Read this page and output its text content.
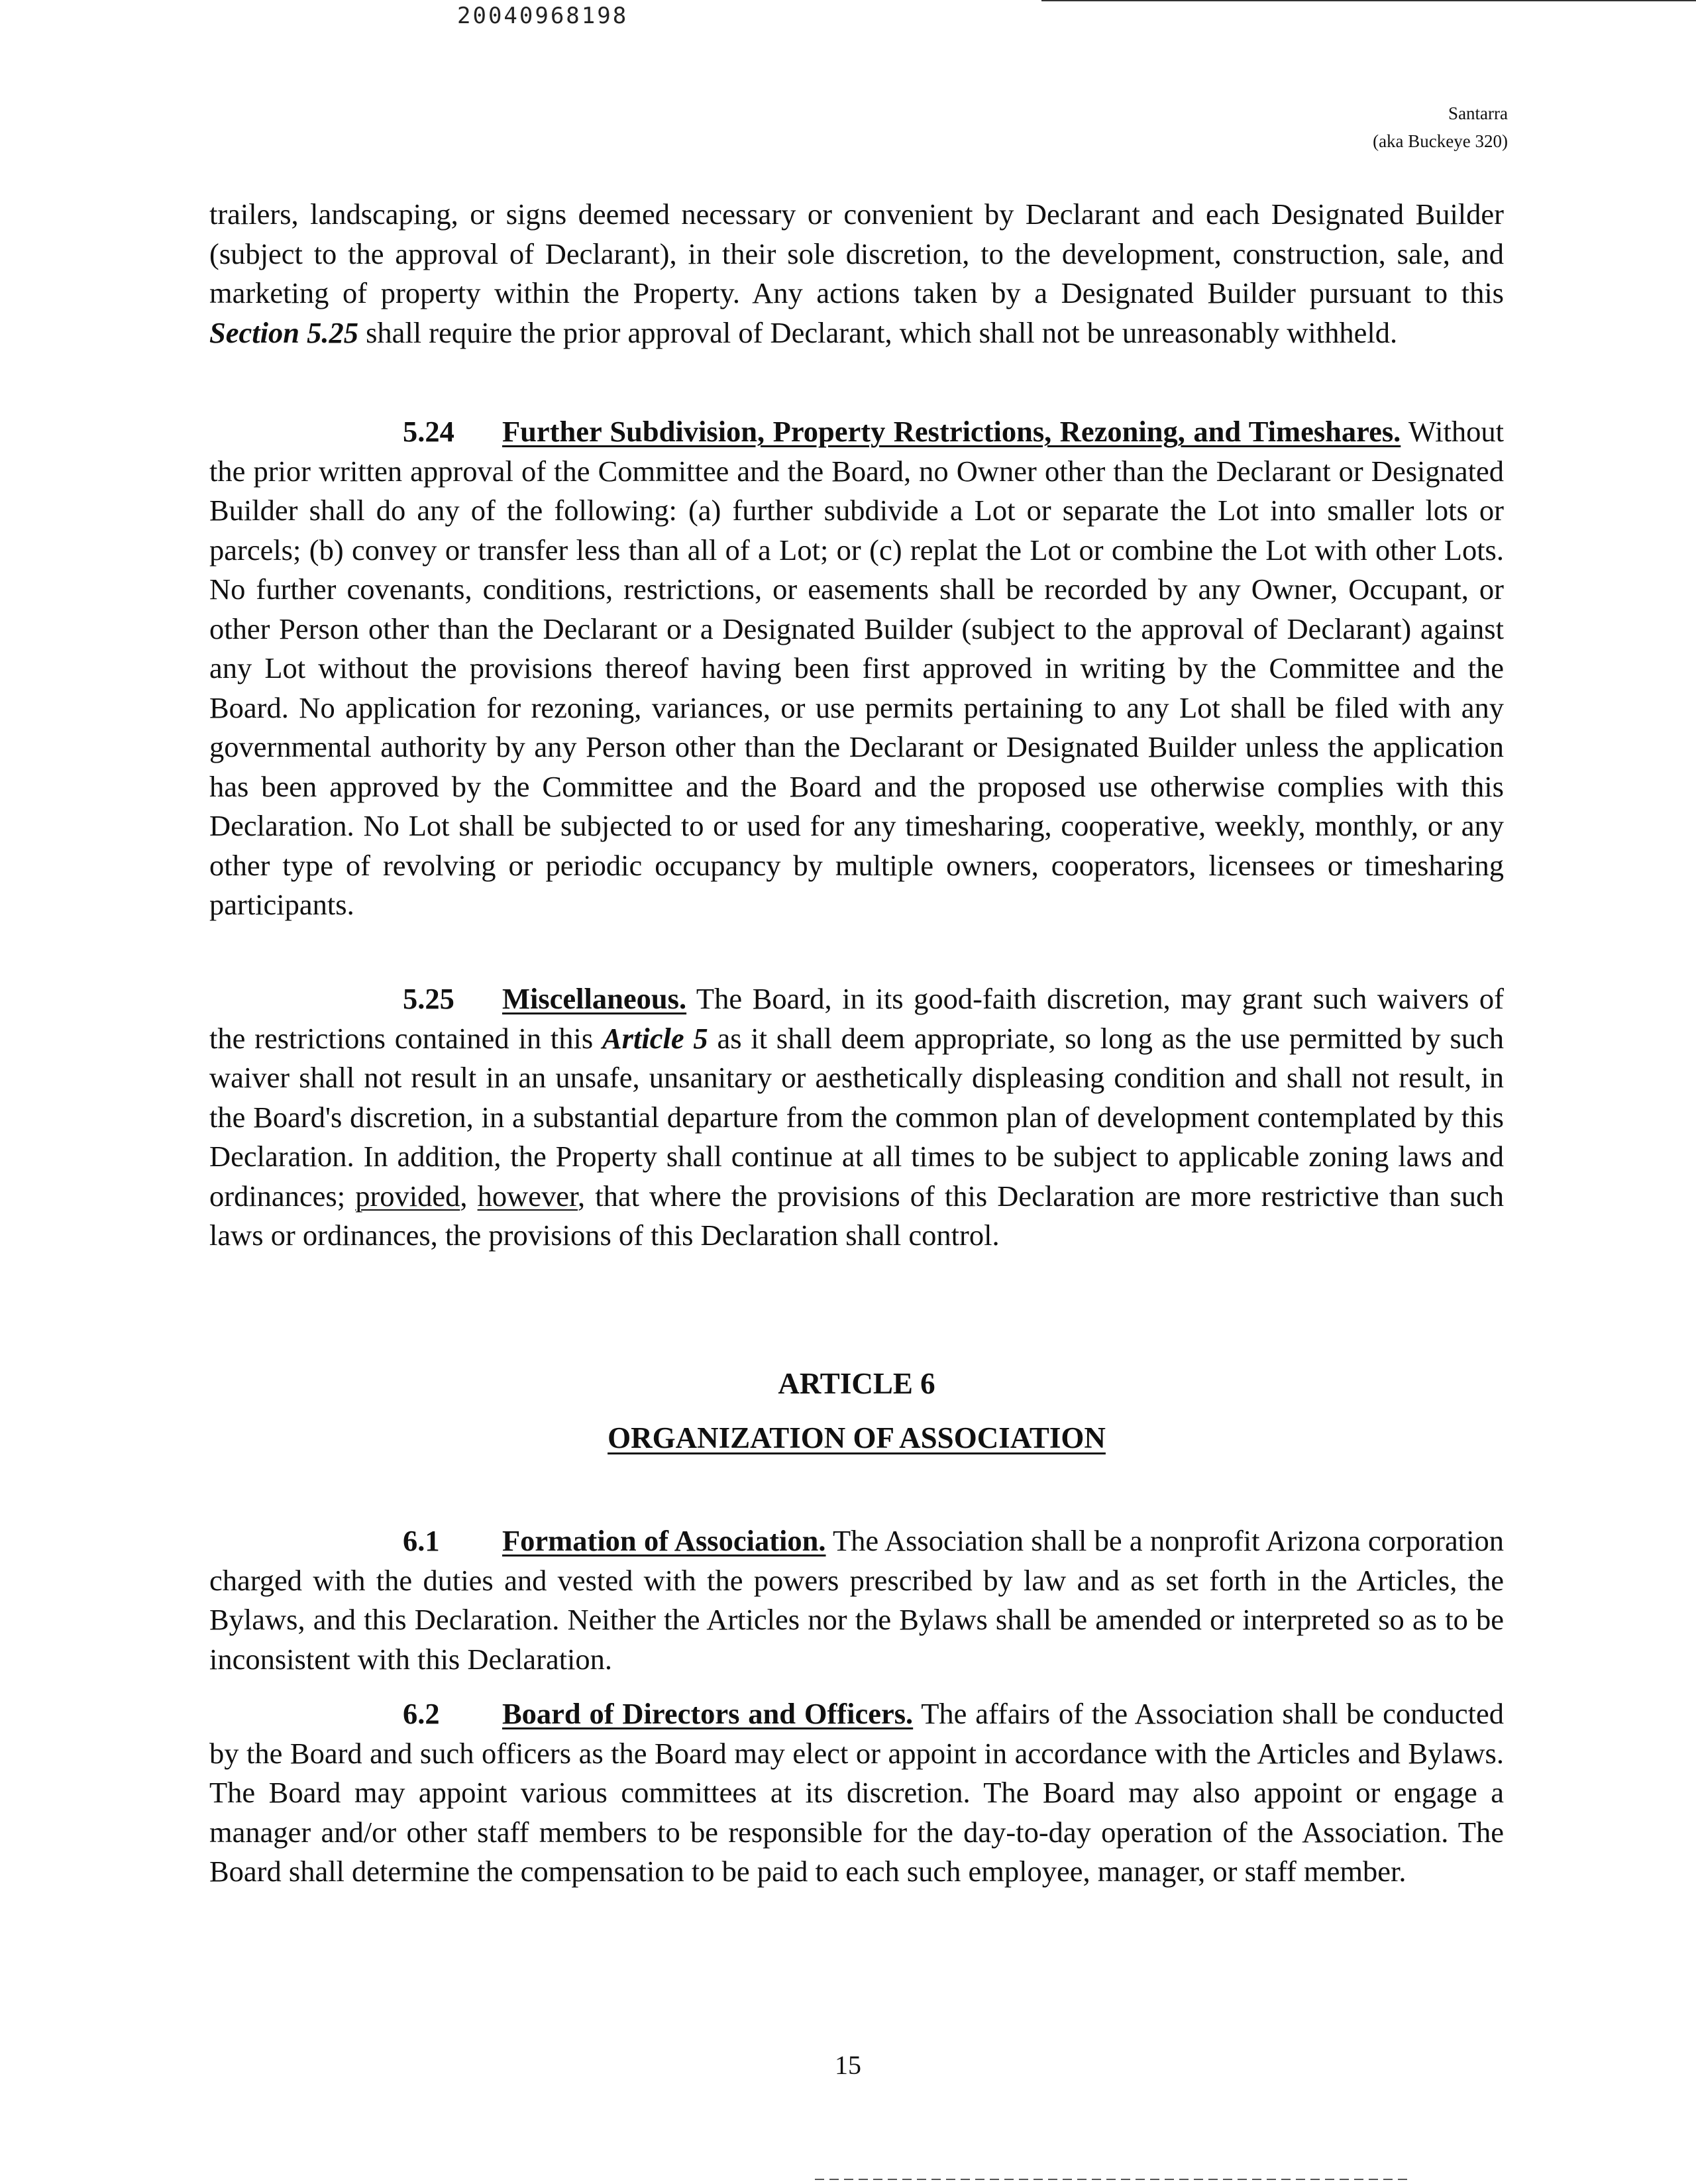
20040968198
Santarra
(aka Buckeye 320)

trailers, landscaping, or signs deemed necessary or convenient by Declarant and each Designated Builder (subject to the approval of Declarant), in their sole discretion, to the development, construction, sale, and marketing of property within the Property. Any actions taken by a Designated Builder pursuant to this Section 5.25 shall require the prior approval of Declarant, which shall not be unreasonably withheld.

5.24 Further Subdivision, Property Restrictions, Rezoning, and Timeshares. Without the prior written approval of the Committee and the Board, no Owner other than the Declarant or Designated Builder shall do any of the following: (a) further subdivide a Lot or separate the Lot into smaller lots or parcels; (b) convey or transfer less than all of a Lot; or (c) replat the Lot or combine the Lot with other Lots. No further covenants, conditions, restrictions, or easements shall be recorded by any Owner, Occupant, or other Person other than the Declarant or a Designated Builder (subject to the approval of Declarant) against any Lot without the provisions thereof having been first approved in writing by the Committee and the Board. No application for rezoning, variances, or use permits pertaining to any Lot shall be filed with any governmental authority by any Person other than the Declarant or Designated Builder unless the application has been approved by the Committee and the Board and the proposed use otherwise complies with this Declaration. No Lot shall be subjected to or used for any timesharing, cooperative, weekly, monthly, or any other type of revolving or periodic occupancy by multiple owners, cooperators, licensees or timesharing participants.

5.25 Miscellaneous. The Board, in its good-faith discretion, may grant such waivers of the restrictions contained in this Article 5 as it shall deem appropriate, so long as the use permitted by such waiver shall not result in an unsafe, unsanitary or aesthetically displeasing condition and shall not result, in the Board's discretion, in a substantial departure from the common plan of development contemplated by this Declaration. In addition, the Property shall continue at all times to be subject to applicable zoning laws and ordinances; provided, however, that where the provisions of this Declaration are more restrictive than such laws or ordinances, the provisions of this Declaration shall control.

ARTICLE 6
ORGANIZATION OF ASSOCIATION

6.1 Formation of Association. The Association shall be a nonprofit Arizona corporation charged with the duties and vested with the powers prescribed by law and as set forth in the Articles, the Bylaws, and this Declaration. Neither the Articles nor the Bylaws shall be amended or interpreted so as to be inconsistent with this Declaration.

6.2 Board of Directors and Officers. The affairs of the Association shall be conducted by the Board and such officers as the Board may elect or appoint in accordance with the Articles and Bylaws. The Board may appoint various committees at its discretion. The Board may also appoint or engage a manager and/or other staff members to be responsible for the day-to-day operation of the Association. The Board shall determine the compensation to be paid to each such employee, manager, or staff member.

15
